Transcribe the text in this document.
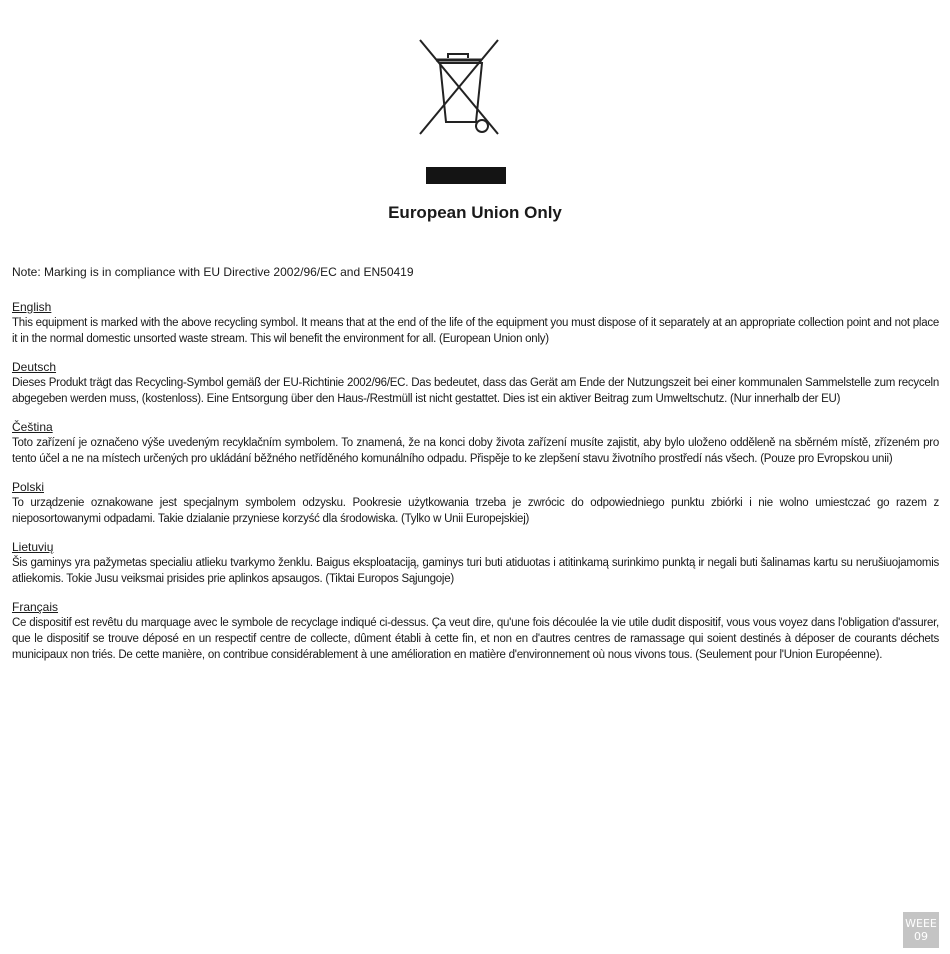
European Union Only

Note: Marking is in compliance with EU Directive 2002/96/EC and EN50419

English

This equipment is marked with the above recycling symbol. It means that at the end of the life of the equipment you must dispose of it separately at an appropriate collection point and not place it in the normal domestic unsorted waste stream. This wil benefit the environment for all. (European Union only)

Deutsch

Dieses Produkt trägt das Recycling-Symbol gemäß der EU-Richtinie 2002/96/EC. Das bedeutet, dass das Gerät am Ende der Nutzungszeit bei einer kommunalen Sammelstelle zum recyceln abgegeben werden muss, (kostenloss). Eine Entsorgung über den Haus-/Restmüll ist nicht gestattet. Dies ist ein aktiver Beitrag zum Umweltschutz. (Nur innerhalb der EU)

Čeština

Toto zařízení je označeno výše uvedeným recyklačním symbolem. To znamená, že na konci doby života zařízení musíte zajistit, aby bylo uloženo odděleně na sběrném místě, zřízeném pro tento účel a ne na místech určených pro ukládání běžného netříděného komunálního odpadu. Přispěje to ke zlepšení stavu životního prostředí nás všech. (Pouze pro Evropskou unii)

Polski

To urządzenie oznakowane jest specjalnym symbolem odzysku. Pookresie użytkowania trzeba je zwrócic do odpowiedniego punktu zbiórki i nie wolno umiestczać go razem z nieposortowanymi odpadami. Takie dzialanie przyniese korzyść dla środowiska. (Tylko w Unii Europejskiej)

Lietuvių

Šis gaminys yra pažymetas specialiu atlieku tvarkymo ženklu. Baigus eksploataciją, gaminys turi buti atiduotas i atitinkamą surinkimo punktą ir negali buti šalinamas kartu su nerušiuojamomis atliekomis. Tokie Jusu veiksmai prisides prie aplinkos apsaugos. (Tiktai Europos Sąjungoje)

Français

Ce dispositif est revêtu du marquage avec le symbole de recyclage indiqué ci-dessus. Ça veut dire, qu'une fois découlée la vie utile dudit dispositif, vous vous voyez dans l'obligation d'assurer, que le dispositif se trouve déposé en un respectif centre de collecte, dûment établi à cette fin, et non en d'autres centres de ramassage qui soient destinés à déposer de courants déchets municipaux non triés. De cette manière, on contribue considérablement à une amélioration en matière d'environnement où nous vivons tous. (Seulement pour l'Union Européenne).

WEEE
09
